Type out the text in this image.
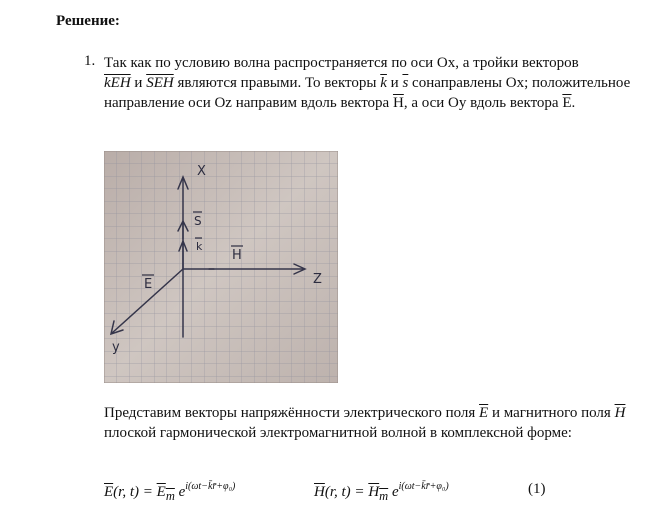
Решение:
1. Так как по условию волна распространяется по оси Ox, а тройки векторов
$\overline{kEH}$ и $\overline{SEH}$ являются правыми. То векторы $\overline{k}$ и $\overline{s}$ сонаправлены Ox; положительное направление оси Oz направим вдоль вектора $\overline{H}$, а оси Oy вдоль вектора $\overline{E}$.
X
S
k
H
E	Z
y
Представим векторы напряжённости электрического поля $\overline{E}$ и магнитного поля $\overline{H}$ плоской гармонической электромагнитной волной в комплексной форме:
$\overline{E}(r$, $t) = E_m$ $e^{i(\omega t-k̄r̄+\varphi_0)}$	$\overline{H}(r$, $t) = H_m$ $e^{i(\omega t-k̄r̄+\varphi_0)}$	(1)
